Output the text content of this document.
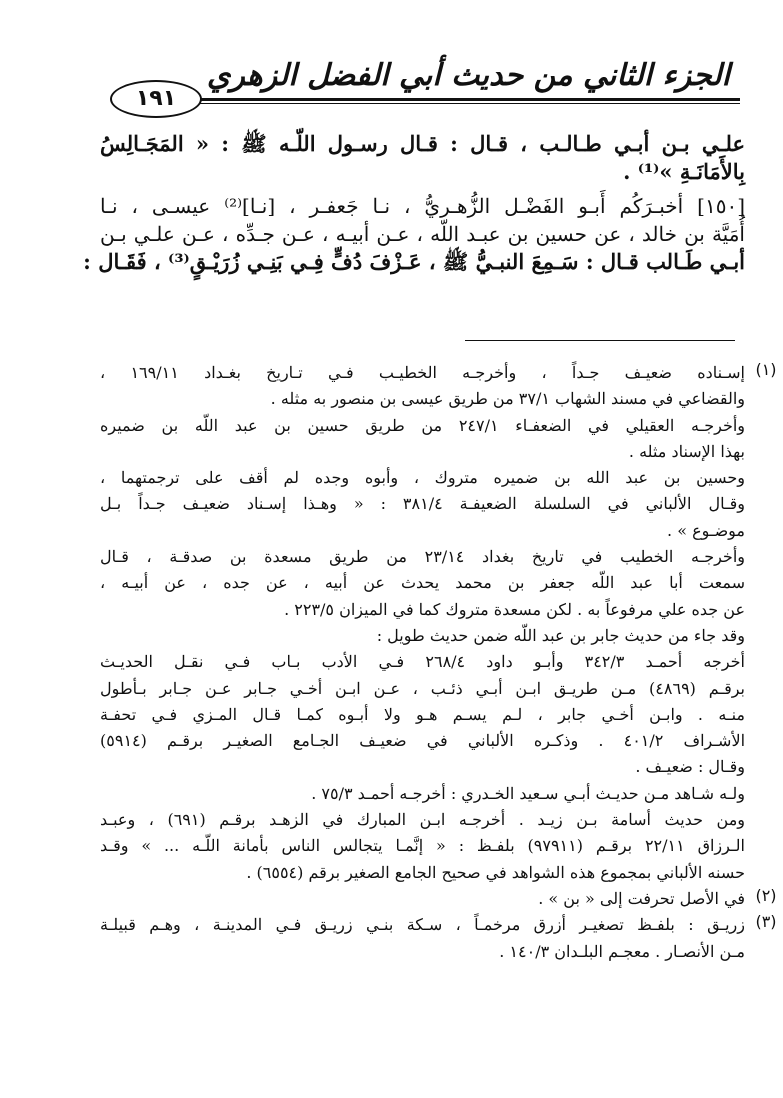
الجزء الثاني من حديث أبي الفضل الزهري
١٩١
علـي بـن أبـي طـالـب ، قـال : قـال رسـول اللّـه ﷺ : « المَجَـالِسُ
بِالأَمَانَـةِ »⁽¹⁾ .
[١٥٠] أخبـرَكُم أَبـو الفَضْـل الزُّهـريُّ ، نـا جَعفـر ، [نـا]⁽²⁾ عيسـى ، نـا
أُمَيَّة بن خالد ، عن حسين بن عبـد اللّه ، عـن أبيـه ، عـن جـدِّه ، عـن علـي بـن
أبـي طَـالب قـال : سَـمِعَ النبـيُّ ﷺ ، عَـزْفَ دُفٍّ فِـي بَنِـي زُرَيْـقٍ⁽³⁾ ، فَقَـال :
(١)
إسـناده ضعيـف جـداً ، وأخرجـه الخطيـب فـي تـاريخ بغـداد ١٦٩/١١ ،
والقضاعي في مسند الشهاب ٣٧/١ من طريق عيسى بن منصور به مثله .
وأخرجـه العقيلي في الضعفـاء ٢٤٧/١ من طريق حسين بن عبد اللّه بن ضميره
بهذا الإسناد مثله .
وحسين بن عبد الله بن ضميره متروك ، وأبوه وجده لم أقف على ترجمتهما ،
وقـال الألباني في السلسلة الضعيفـة ٣٨١/٤ : « وهـذا إسـناد ضعيـف جـداً بـل
موضـوع » .
وأخرجـه الخطيب في تاريخ بغداد ٢٣/١٤ من طريق مسعدة بن صدقـة ، قـال
سمعت أبا عبد اللّه جعفر بن محمد يحدث عن أبيه ، عن جده ، عن أبيـه ،
عن جده علي مرفوعاً به . لكن مسعدة متروك كما في الميزان ٢٢٣/٥ .
وقد جاء من حديث جابر بن عبد اللّه ضمن حديث طويل :
أخرجه أحمـد ٣٤٢/٣ وأبـو داود ٢٦٨/٤ فـي الأدب بـاب فـي نقـل الحديـث
برقـم (٤٨٦٩) مـن طريـق ابـن أبـي ذئـب ، عـن ابـن أخـي جـابر عـن جـابر بـأطول
منـه . وابـن أخـي جابر ، لـم يسـم هـو ولا أبـوه كمـا قـال المـزي فـي تحفـة
الأشـراف ٤٠١/٢ . وذكـره الألباني في ضعيـف الجـامع الصغيـر برقـم (٥٩١٤)
وقـال : ضعيـف .
ولـه شـاهد مـن حديـث أبـي سـعيد الخـدري : أخرجـه أحمـد ٧٥/٣ .
ومن حديث أسامة بـن زيـد . أخرجـه ابـن المبارك في الزهـد برقـم (٦٩١) ، وعبـد
الـرزاق ٢٢/١١ برقـم (٩٧٩١١) بلفـظ : « إنَّمـا يتجالس الناس بأمانة اللّـه ... » وقـد
حسنه الألباني بمجموع هذه الشواهد في صحيح الجامع الصغير برقم (٦٥٥٤) .
(٢)
في الأصل تحرفت إلى « بن » .
(٣)
زريـق : بلفـظ تصغيـر أزرق مرخمـاً ، سـكة بنـي زريـق فـي المدينـة ، وهـم قبيلـة
مـن الأنصـار . معجـم البلـدان ١٤٠/٣ .
